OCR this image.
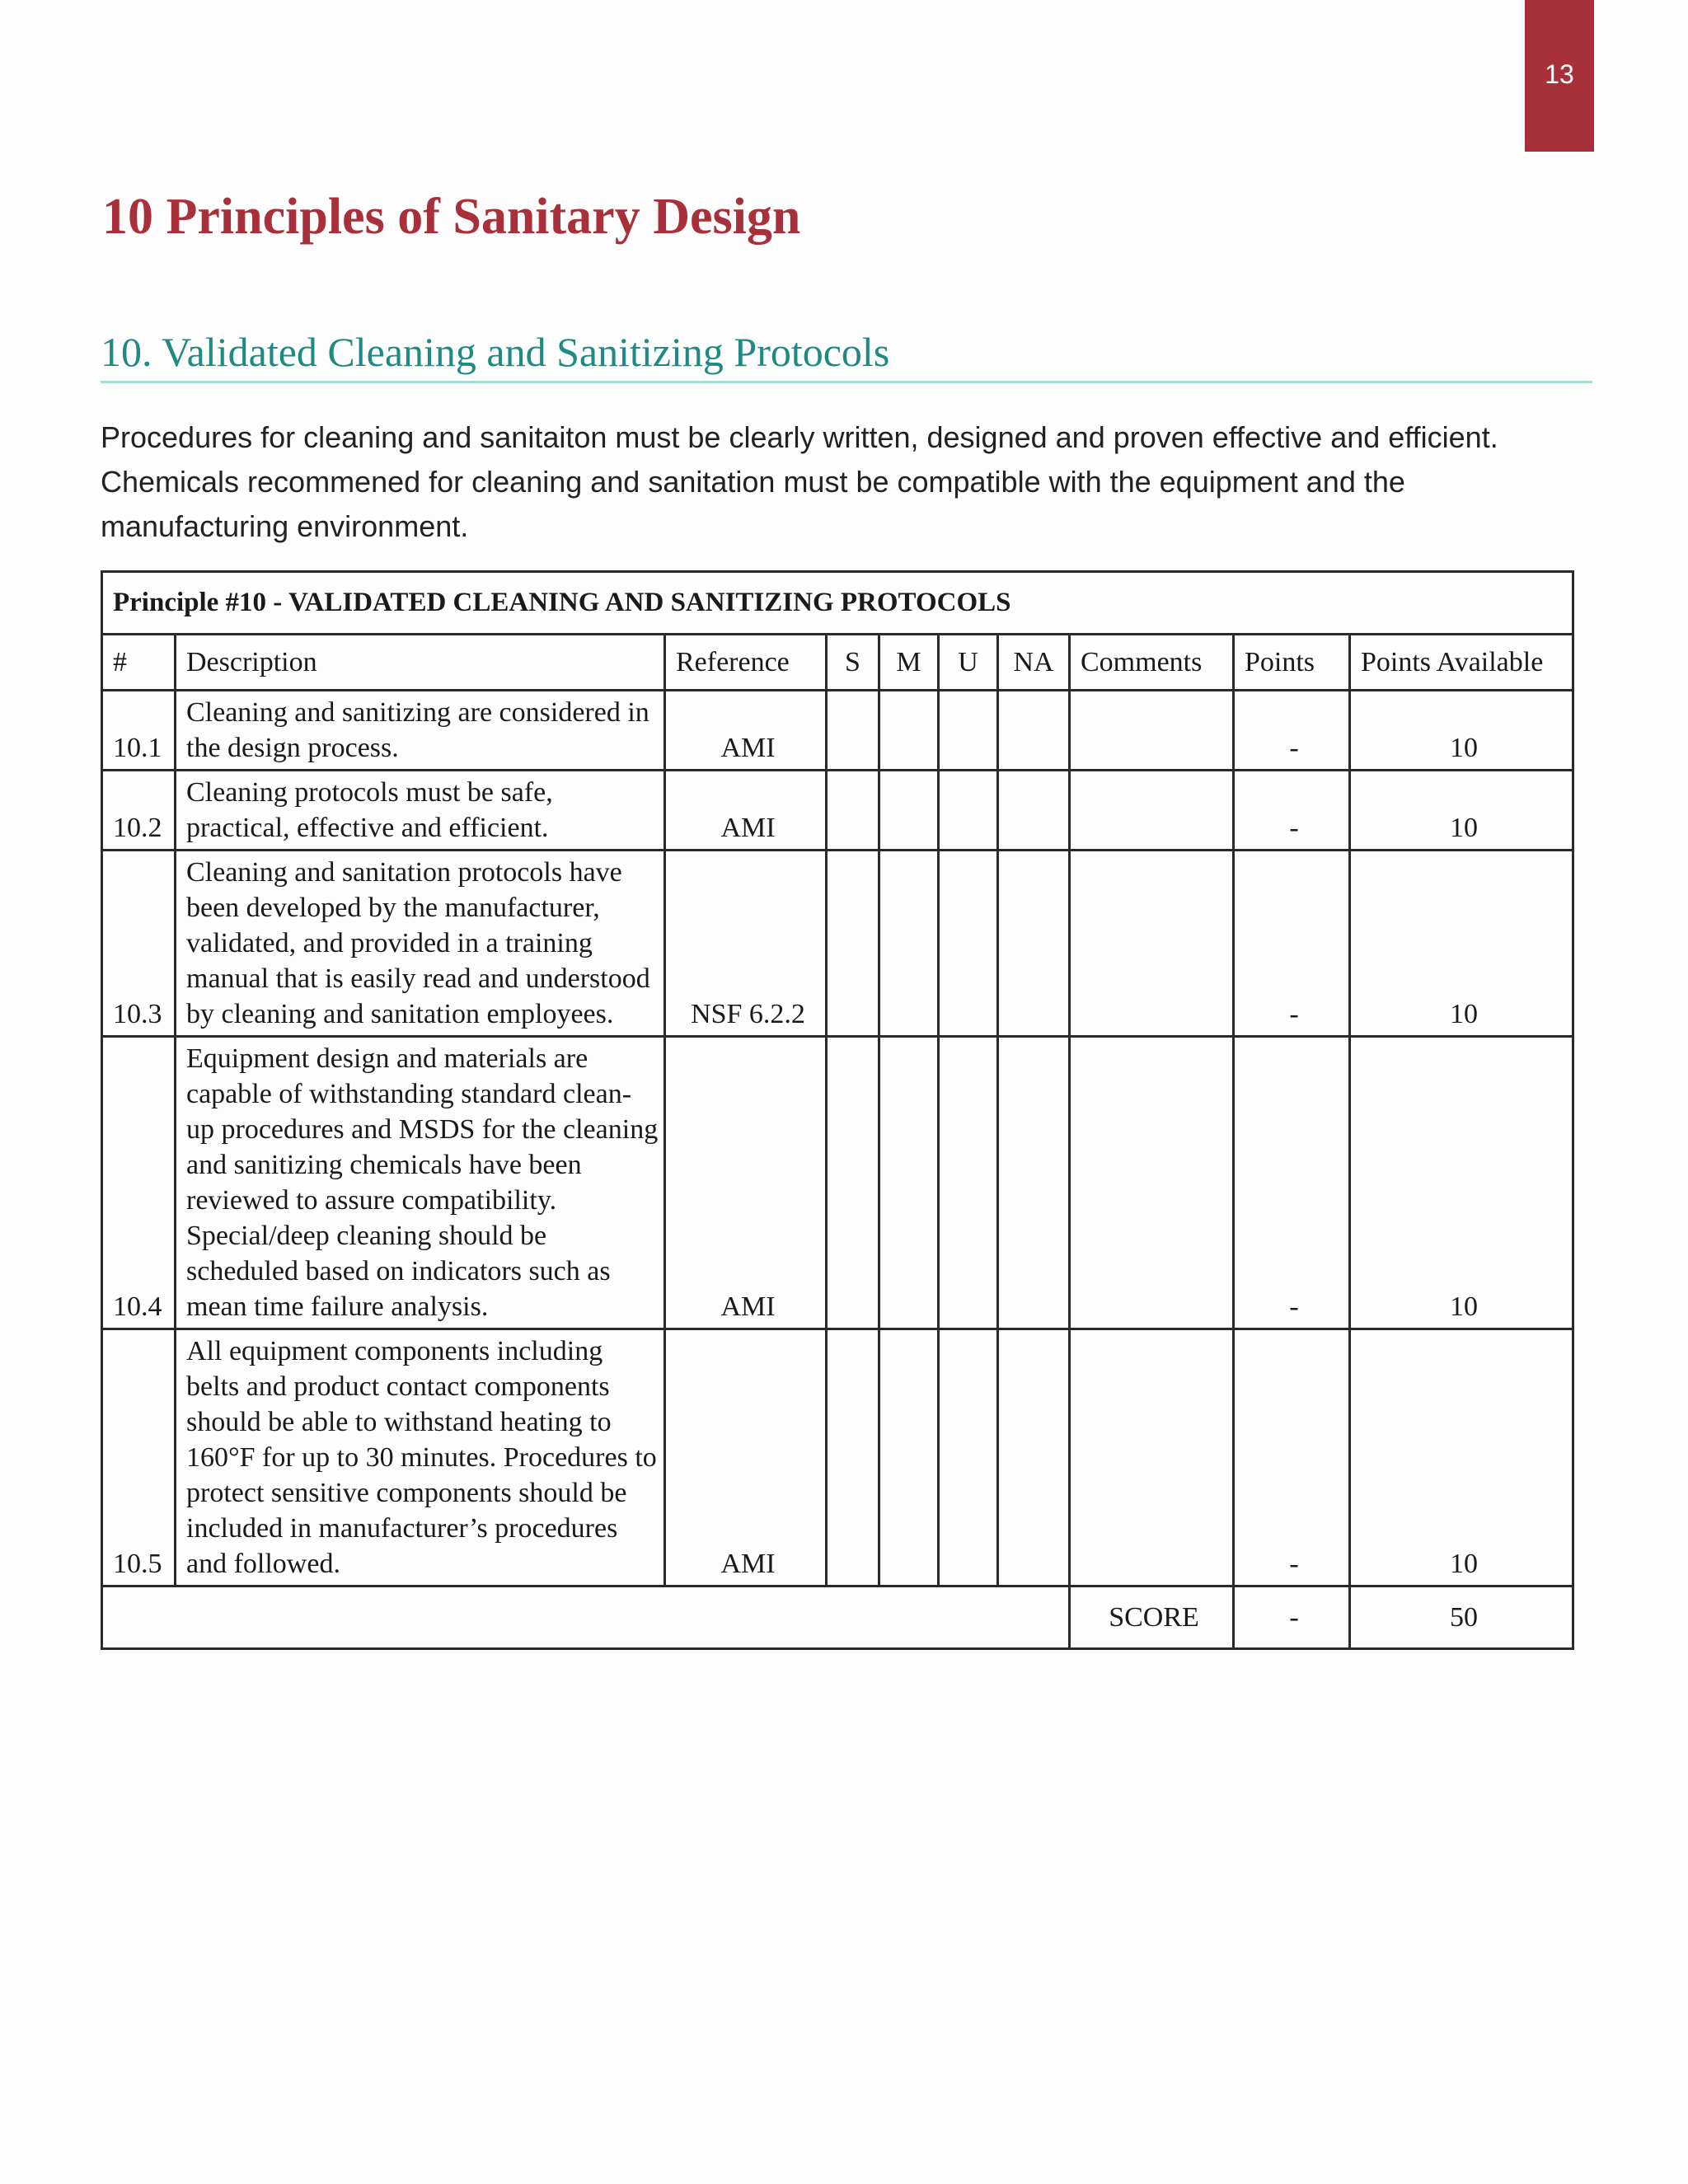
13
10 Principles of Sanitary Design
10. Validated Cleaning and Sanitizing Protocols

Procedures for cleaning and sanitaiton must be clearly written, designed and proven effective and efficient. Chemicals recommened for cleaning and sanitation must be compatible with the equipment and the manufacturing environment.

Principle #10 - VALIDATED CLEANING AND SANITIZING PROTOCOLS									
#	Description	Reference	S	M	U	NA	Comments	Points	Points Available
10.1	Cleaning and sanitizing are considered in the design process.	AMI						-	10
10.2	Cleaning protocols must be safe, practical, effective and efficient.	AMI						-	10
10.3	Cleaning and sanitation protocols have been developed by the manufacturer, validated, and provided in a training manual that is easily read and understood by cleaning and sanitation employees.	NSF 6.2.2						-	10
10.4	Equipment design and materials are capable of withstanding standard clean-up procedures and MSDS for the cleaning and sanitizing chemicals have been reviewed to assure compatibility. Special/deep cleaning should be scheduled based on indicators such as mean time failure analysis.	AMI						-	10
10.5	All equipment components including belts and product contact components should be able to withstand heating to 160°F for up to 30 minutes. Procedures to protect sensitive components should be included in manufacturer’s procedures and followed.	AMI						-	10
							SCORE	-	50
